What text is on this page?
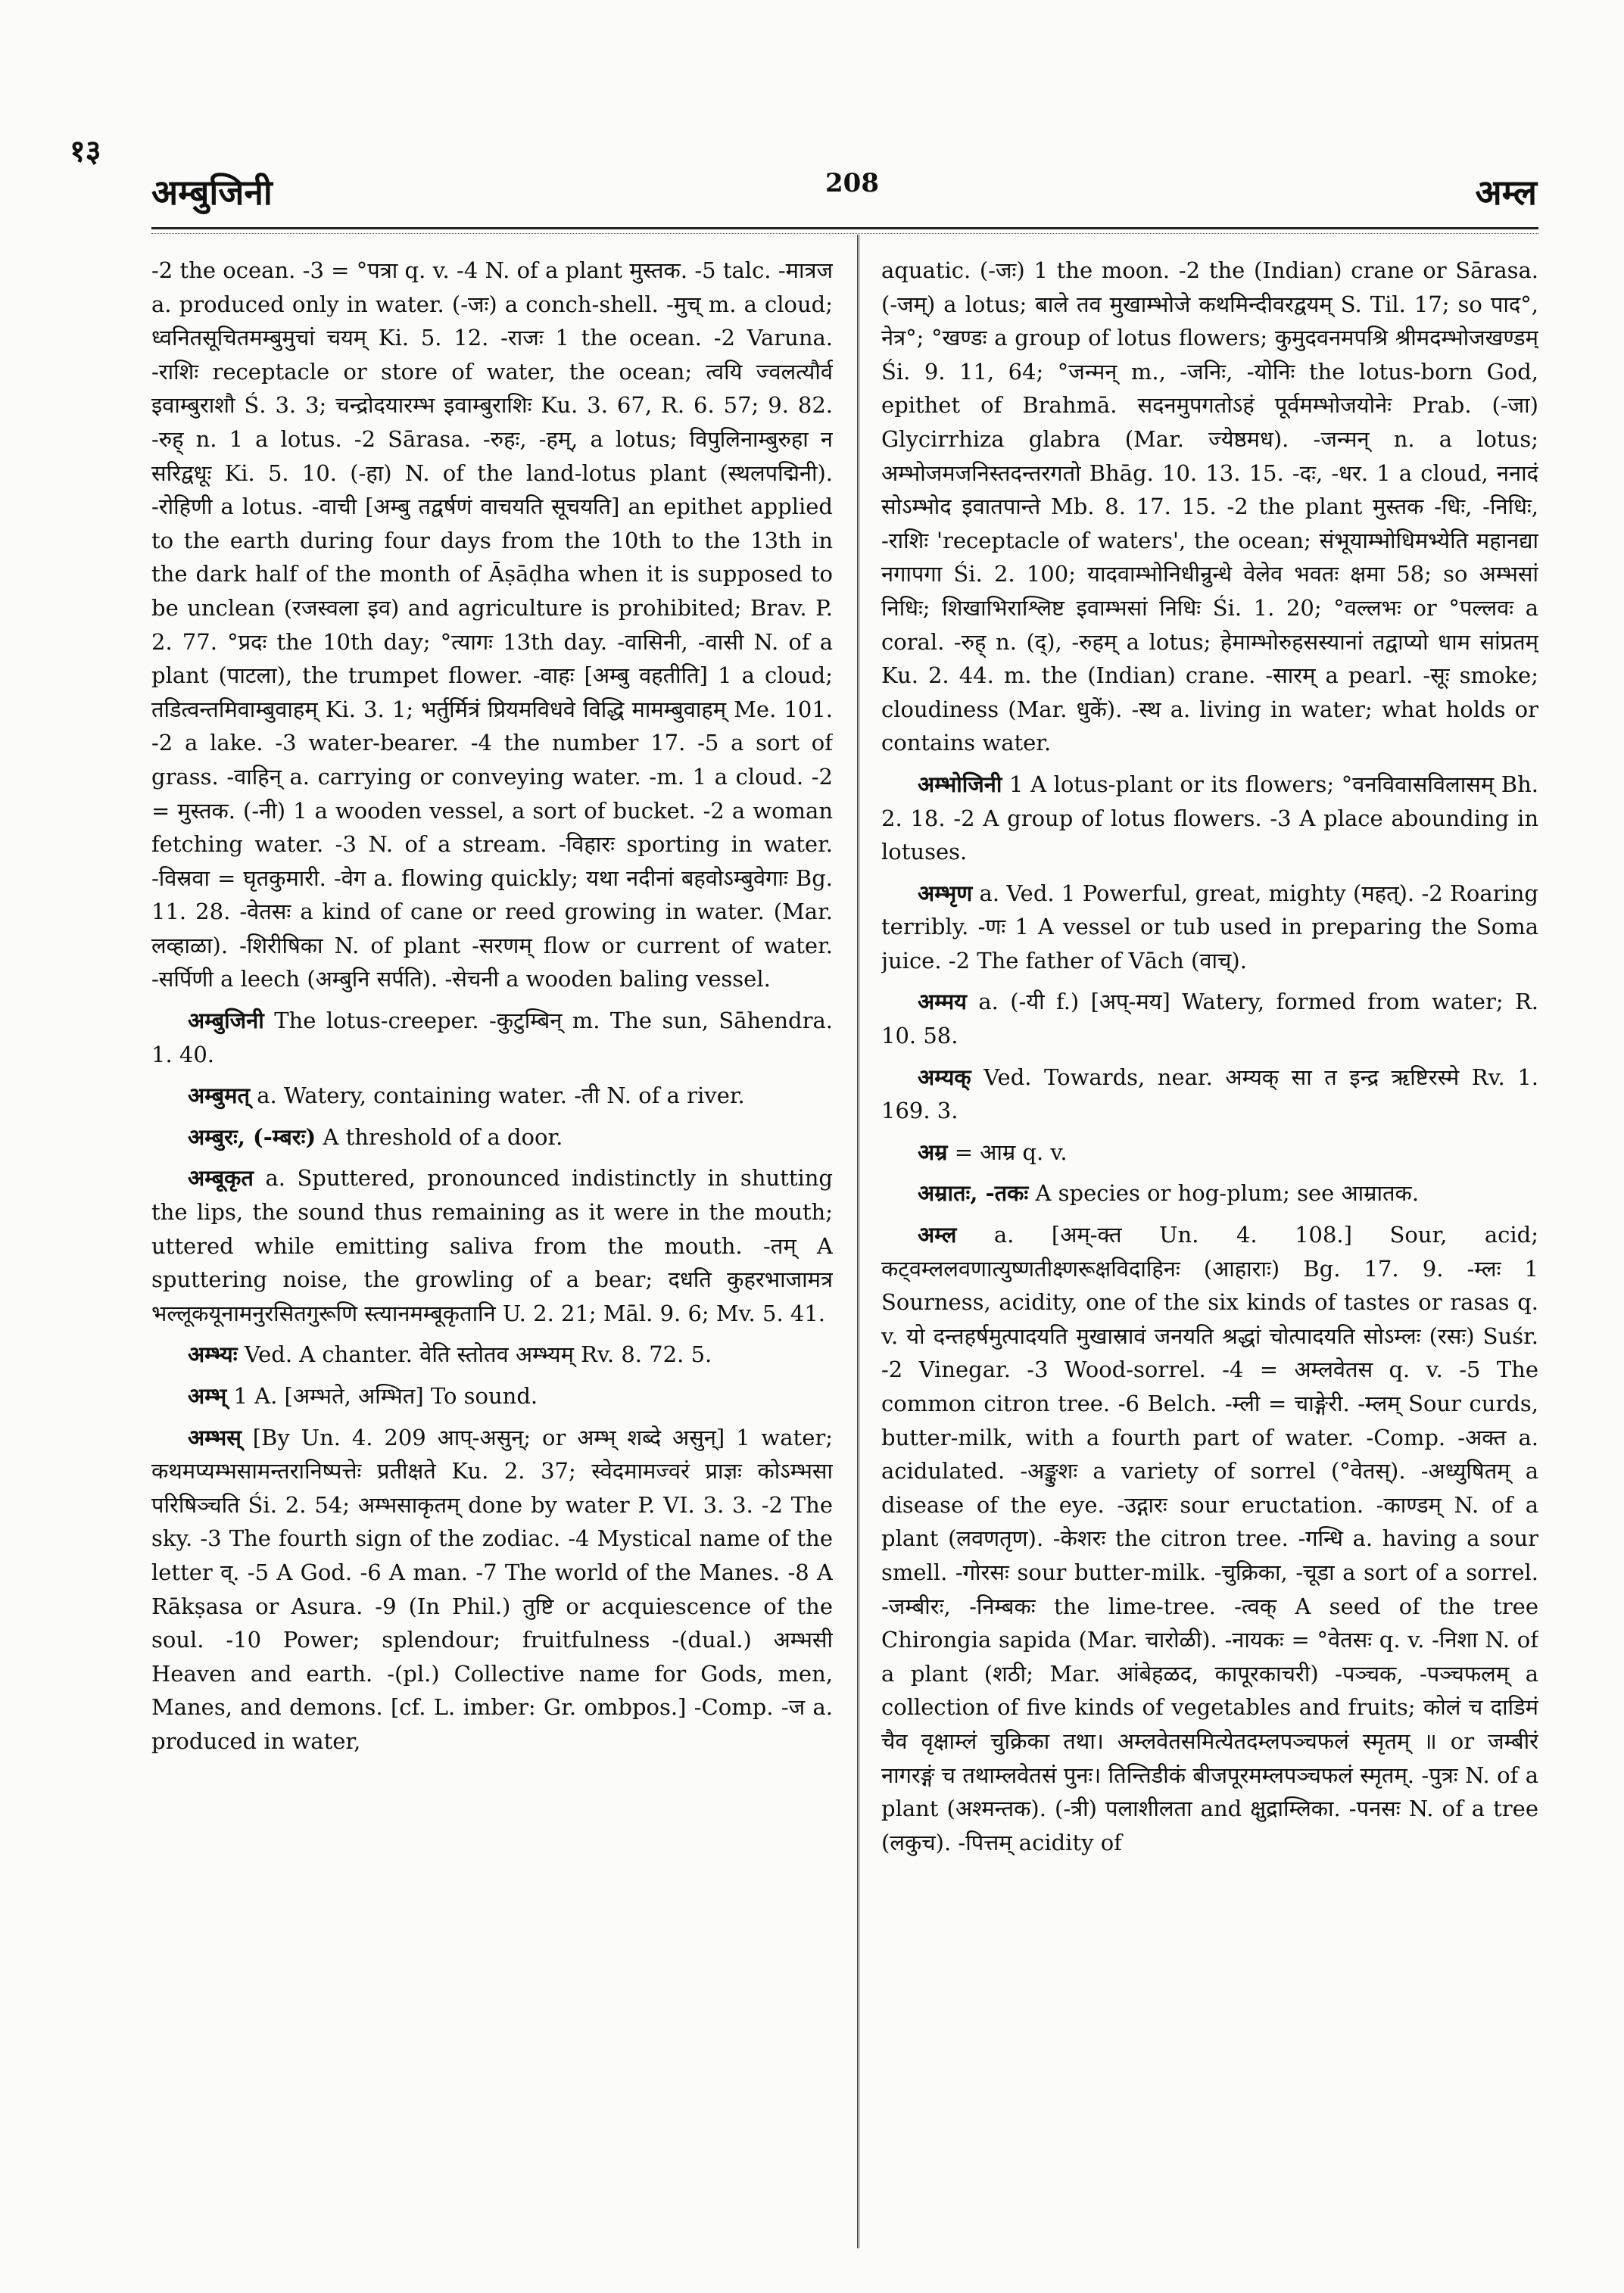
१३
अम्बुजिनी	208	अम्ल

-2 the ocean. -3 = °पत्रा q. v. -4 N. of a plant मुस्तक. -5 talc. -मात्रज a. produced only in water. (-जः) a conch-shell. -मुच् m. a cloud; ध्वनितसूचितमम्बुमुचां चयम् Ki. 5. 12. -राजः 1 the ocean. -2 Varuna. -राशिः receptacle or store of water, the ocean; त्वयि ज्वलत्यौर्व इवाम्बुराशौ Ś. 3. 3; चन्द्रोदयारम्भ इवाम्बुराशिः Ku. 3. 67, R. 6. 57; 9. 82. -रुह् n. 1 a lotus. -2 Sārasa. -रुहः, -हम्, a lotus; विपुलिनाम्बुरुहा न सरिद्वधूः Ki. 5. 10. (-हा) N. of the land-lotus plant (स्थलपद्मिनी). -रोहिणी a lotus. -वाची [अम्बु तद्वर्षणं वाचयति सूचयति] an epithet applied to the earth during four days from the 10th to the 13th in the dark half of the month of Āṣāḍha when it is supposed to be unclean (रजस्वला इव) and agriculture is prohibited; Brav. P. 2. 77. °प्रदः the 10th day; °त्यागः 13th day. -वासिनी, -वासी N. of a plant (पाटला), the trumpet flower. -वाहः [अम्बु वहतीति] 1 a cloud; तडित्वन्तमिवाम्बुवाहम् Ki. 3. 1; भर्तुर्मित्रं प्रियमविधवे विद्धि मामम्बुवाहम् Me. 101. -2 a lake. -3 water-bearer. -4 the number 17. -5 a sort of grass. -वाहिन् a. carrying or conveying water. -m. 1 a cloud. -2 = मुस्तक. (-नी) 1 a wooden vessel, a sort of bucket. -2 a woman fetching water. -3 N. of a stream. -विहारः sporting in water. -विस्रवा = घृतकुमारी. -वेग a. flowing quickly; यथा नदीनां बहवोऽम्बुवेगाः Bg. 11. 28. -वेतसः a kind of cane or reed growing in water. (Mar. लव्हाळा). -शिरीषिका N. of plant -सरणम् flow or current of water. -सर्पिणी a leech (अम्बुनि सर्पति). -सेचनी a wooden baling vessel.

अम्बुजिनी The lotus-creeper. -कुटुम्बिन् m. The sun, Sāhendra. 1. 40.

अम्बुमत् a. Watery, containing water. -ती N. of a river.

अम्बुरः, (-म्बरः) A threshold of a door.

अम्बूकृत a. Sputtered, pronounced indistinctly in shutting the lips, the sound thus remaining as it were in the mouth; uttered while emitting saliva from the mouth. -तम् A sputtering noise, the growling of a bear; दधति कुहरभाजामत्र भल्लूकयूनामनुरसितगुरूणि स्त्यानमम्बूकृतानि U. 2. 21; Māl. 9. 6; Mv. 5. 41.

अम्भ्यः Ved. A chanter. वेति स्तोतव अम्भ्यम् Rv. 8. 72. 5.

अम्भ् 1 A. [अम्भते, अम्भित] To sound.

अम्भस् [By Un. 4. 209 आप्-असुन्; or अम्भ् शब्दे असुन्] 1 water; कथमप्यम्भसामन्तरानिष्पत्तेः प्रतीक्षते Ku. 2. 37; स्वेदमामज्वरं प्राज्ञः कोऽम्भसा परिषिञ्चति Śi. 2. 54; अम्भसाकृतम् done by water P. VI. 3. 3. -2 The sky. -3 The fourth sign of the zodiac. -4 Mystical name of the letter व्. -5 A God. -6 A man. -7 The world of the Manes. -8 A Rākṣasa or Asura. -9 (In Phil.) तुष्टि or acquiescence of the soul. -10 Power; splendour; fruitfulness -(dual.) अम्भसी Heaven and earth. -(pl.) Collective name for Gods, men, Manes, and demons. [cf. L. imber: Gr. ombpos.] -Comp. -ज a. produced in water,

aquatic. (-जः) 1 the moon. -2 the (Indian) crane or Sārasa. (-जम्) a lotus; बाले तव मुखाम्भोजे कथमिन्दीवरद्वयम् S. Til. 17; so पाद°, नेत्र°; °खण्डः a group of lotus flowers; कुमुदवनमपश्रि श्रीमदम्भोजखण्डम् Śi. 9. 11, 64; °जन्मन् m., -जनिः, -योनिः the lotus-born God, epithet of Brahmā. सदनमुपगतोऽहं पूर्वमम्भोजयोनेः Prab. (-जा) Glycirrhiza glabra (Mar. ज्येष्ठमध). -जन्मन् n. a lotus; अम्भोजमजनिस्तदन्तरगतो Bhāg. 10. 13. 15. -दः, -धर. 1 a cloud, ननादं सोऽम्भोद इवातपान्ते Mb. 8. 17. 15. -2 the plant मुस्तक -धिः, -निधिः, -राशिः 'receptacle of waters', the ocean; संभूयाम्भोधिमभ्येति महानद्या नगापगा Śi. 2. 100; यादवाम्भोनिधीन्रुन्धे वेलेव भवतः क्षमा 58; so अम्भसां निधिः; शिखाभिराश्लिष्ट इवाम्भसां निधिः Śi. 1. 20; °वल्लभः or °पल्लवः a coral. -रुह् n. (द्), -रुहम् a lotus; हेमाम्भोरुहसस्यानां तद्वाप्यो धाम सांप्रतम् Ku. 2. 44. m. the (Indian) crane. -सारम् a pearl. -सूः smoke; cloudiness (Mar. धुकें). -स्थ a. living in water; what holds or contains water.

अम्भोजिनी 1 A lotus-plant or its flowers; °वनविवासविलासम् Bh. 2. 18. -2 A group of lotus flowers. -3 A place abounding in lotuses.

अम्भृण a. Ved. 1 Powerful, great, mighty (महत्). -2 Roaring terribly. -णः 1 A vessel or tub used in preparing the Soma juice. -2 The father of Vāch (वाच्).

अम्मय a. (-यी f.) [अप्-मय] Watery, formed from water; R. 10. 58.

अम्यक् Ved. Towards, near. अम्यक् सा त इन्द्र ऋष्टिरस्मे Rv. 1. 169. 3.

अम्र = आम्र q. v.

अम्रातः, -तकः A species or hog-plum; see आम्रातक.

अम्ल a. [अम्-क्त Un. 4. 108.] Sour, acid; कट्वम्ललवणात्युष्णतीक्ष्णरूक्षविदाहिनः (आहाराः) Bg. 17. 9. -म्लः 1 Sourness, acidity, one of the six kinds of tastes or rasas q. v. यो दन्तहर्षमुत्पादयति मुखास्रावं जनयति श्रद्धां चोत्पादयति सोऽम्लः (रसः) Suśr. -2 Vinegar. -3 Wood-sorrel. -4 = अम्लवेतस q. v. -5 The common citron tree. -6 Belch. -म्ली = चाङ्गेरी. -म्लम् Sour curds, butter-milk, with a fourth part of water. -Comp. -अक्त a. acidulated. -अङ्कुशः a variety of sorrel (°वेतस्). -अध्युषितम् a disease of the eye. -उद्गारः sour eructation. -काण्डम् N. of a plant (लवणतृण). -केशरः the citron tree. -गन्धि a. having a sour smell. -गोरसः sour butter-milk. -चुक्रिका, -चूडा a sort of a sorrel. -जम्बीरः, -निम्बकः the lime-tree. -त्वक् A seed of the tree Chirongia sapida (Mar. चारोळी). -नायकः = °वेतसः q. v. -निशा N. of a plant (शठी; Mar. आंबेहळद, कापूरकाचरी) -पञ्चक, -पञ्चफलम् a collection of five kinds of vegetables and fruits; कोलं च दाडिमं चैव वृक्षाम्लं चुक्रिका तथा। अम्लवेतसमित्येतदम्लपञ्चफलं स्मृतम् ॥ or जम्बीरं नागरङ्गं च तथाम्लवेतसं पुनः। तिन्तिडीकं बीजपूरमम्लपञ्चफलं स्मृतम्. -पुत्रः N. of a plant (अश्मन्तक). (-त्री) पलाशीलता and क्षुद्राम्लिका. -पनसः N. of a tree (लकुच). -पित्तम् acidity of
